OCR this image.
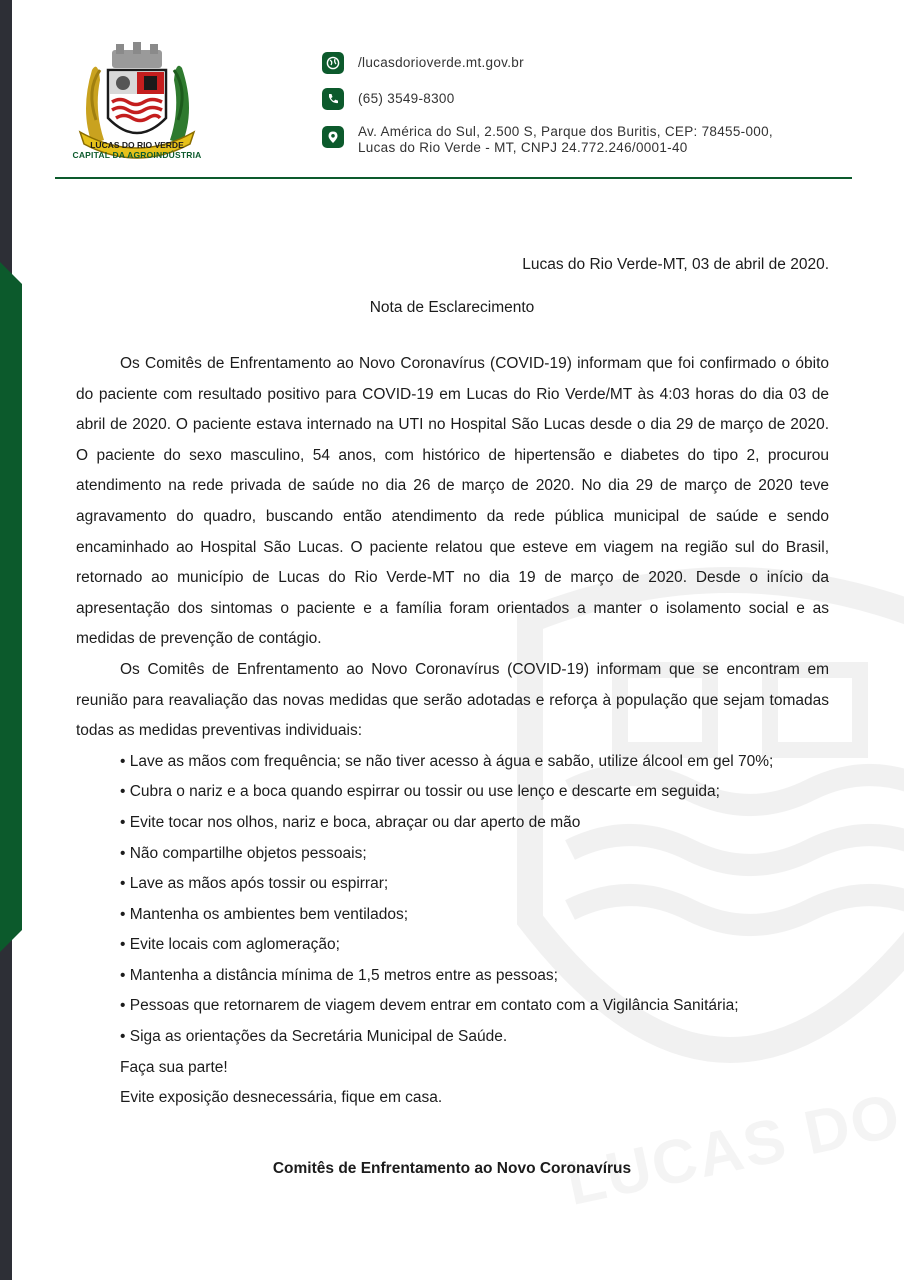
LUCAS DO RIO VERDE
CAPITAL DA AGROINDÚSTRIA
/lucasdorioverde.mt.gov.br
(65) 3549-8300
Av. América do Sul, 2.500 S, Parque dos Buritis, CEP: 78455-000,
Lucas do Rio Verde - MT, CNPJ 24.772.246/0001-40
Lucas do Rio Verde-MT, 03 de abril de 2020.
Nota de Esclarecimento

Os Comitês de Enfrentamento ao Novo Coronavírus (COVID-19) informam que foi confirmado o óbito do paciente com resultado positivo para COVID-19 em Lucas do Rio Verde/MT às 4:03 horas do dia 03 de abril de 2020. O paciente estava internado na UTI no Hospital São Lucas desde o dia 29 de março de 2020. O paciente do sexo masculino, 54 anos, com histórico de hipertensão e diabetes do tipo 2, procurou atendimento na rede privada de saúde no dia 26 de março de 2020. No dia 29 de março de 2020 teve agravamento do quadro, buscando então atendimento da rede pública municipal de saúde e sendo encaminhado ao Hospital São Lucas. O paciente relatou que esteve em viagem na região sul do Brasil, retornado ao município de Lucas do Rio Verde-MT no dia 19 de março de 2020. Desde o início da apresentação dos sintomas o paciente e a família foram orientados a manter o isolamento social e as medidas de prevenção de contágio.

Os Comitês de Enfrentamento ao Novo Coronavírus (COVID-19) informam que se encontram em reunião para reavaliação das novas medidas que serão adotadas e reforça à população que sejam tomadas todas as medidas preventivas individuais:

• Lave as mãos com frequência; se não tiver acesso à água e sabão, utilize álcool em gel 70%;
• Cubra o nariz e a boca quando espirrar ou tossir ou use lenço e descarte em seguida;
• Evite tocar nos olhos, nariz e boca, abraçar ou dar aperto de mão
• Não compartilhe objetos pessoais;
• Lave as mãos após tossir ou espirrar;
• Mantenha os ambientes bem ventilados;
• Evite locais com aglomeração;
• Mantenha a distância mínima de 1,5 metros entre as pessoas;
• Pessoas que retornarem de viagem devem entrar em contato com a Vigilância Sanitária;
• Siga as orientações da Secretária Municipal de Saúde.
Faça sua parte!
Evite exposição desnecessária, fique em casa.
Comitês de Enfrentamento ao Novo Coronavírus
